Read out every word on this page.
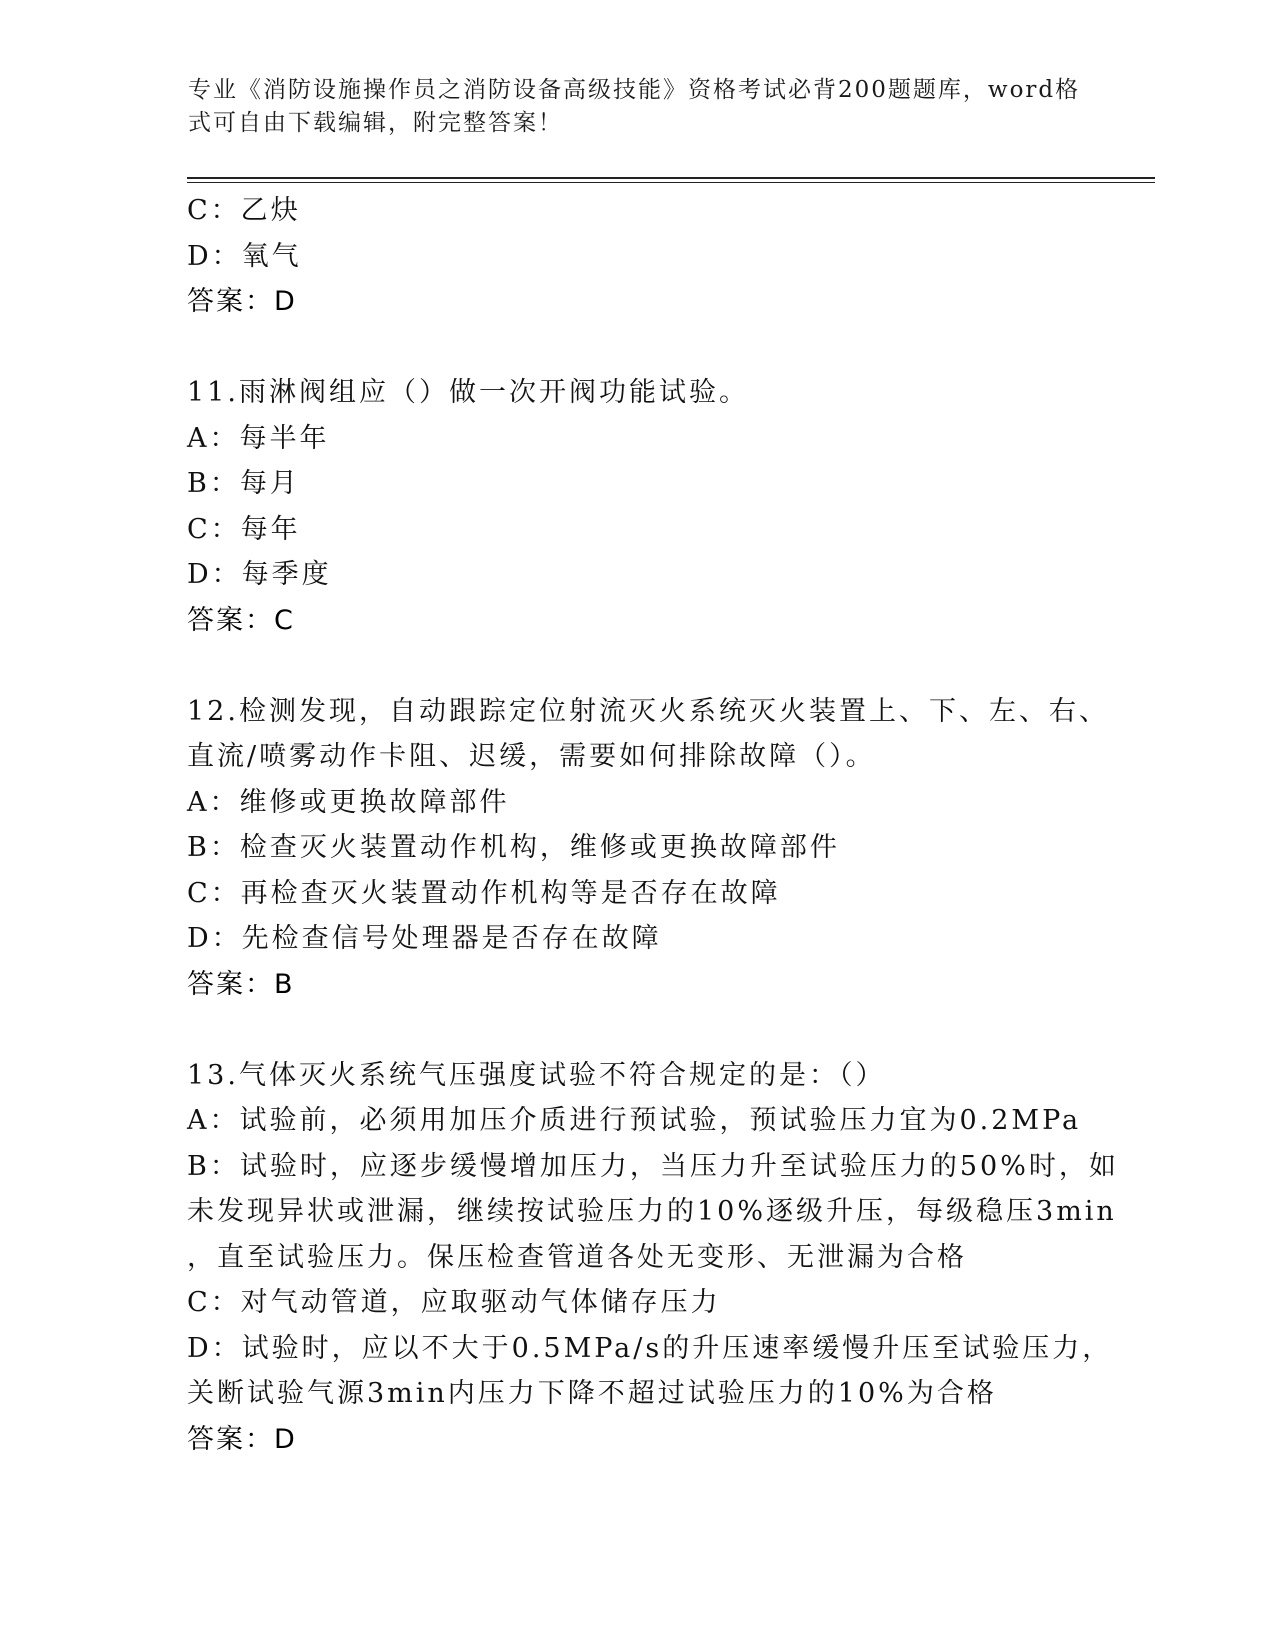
专业《消防设施操作员之消防设备高级技能》资格考试必背200题题库，word格
式可自由下载编辑，附完整答案！
C：乙炔
D：氧气
答案：D
11.雨淋阀组应（）做一次开阀功能试验。
A：每半年
B：每月
C：每年
D：每季度
答案：C
12.检测发现，自动跟踪定位射流灭火系统灭火装置上、下、左、右、
直流/喷雾动作卡阻、迟缓，需要如何排除故障（）。
A：维修或更换故障部件
B：检查灭火装置动作机构，维修或更换故障部件
C：再检查灭火装置动作机构等是否存在故障
D：先检查信号处理器是否存在故障
答案：B
13.气体灭火系统气压强度试验不符合规定的是：（）
A：试验前，必须用加压介质进行预试验，预试验压力宜为0.2MPa
B：试验时，应逐步缓慢增加压力，当压力升至试验压力的50%时，如
未发现异状或泄漏，继续按试验压力的10%逐级升压，每级稳压3min
，直至试验压力。保压检查管道各处无变形、无泄漏为合格
C：对气动管道，应取驱动气体储存压力
D：试验时，应以不大于0.5MPa/s的升压速率缓慢升压至试验压力，
关断试验气源3min内压力下降不超过试验压力的10%为合格
答案：D
